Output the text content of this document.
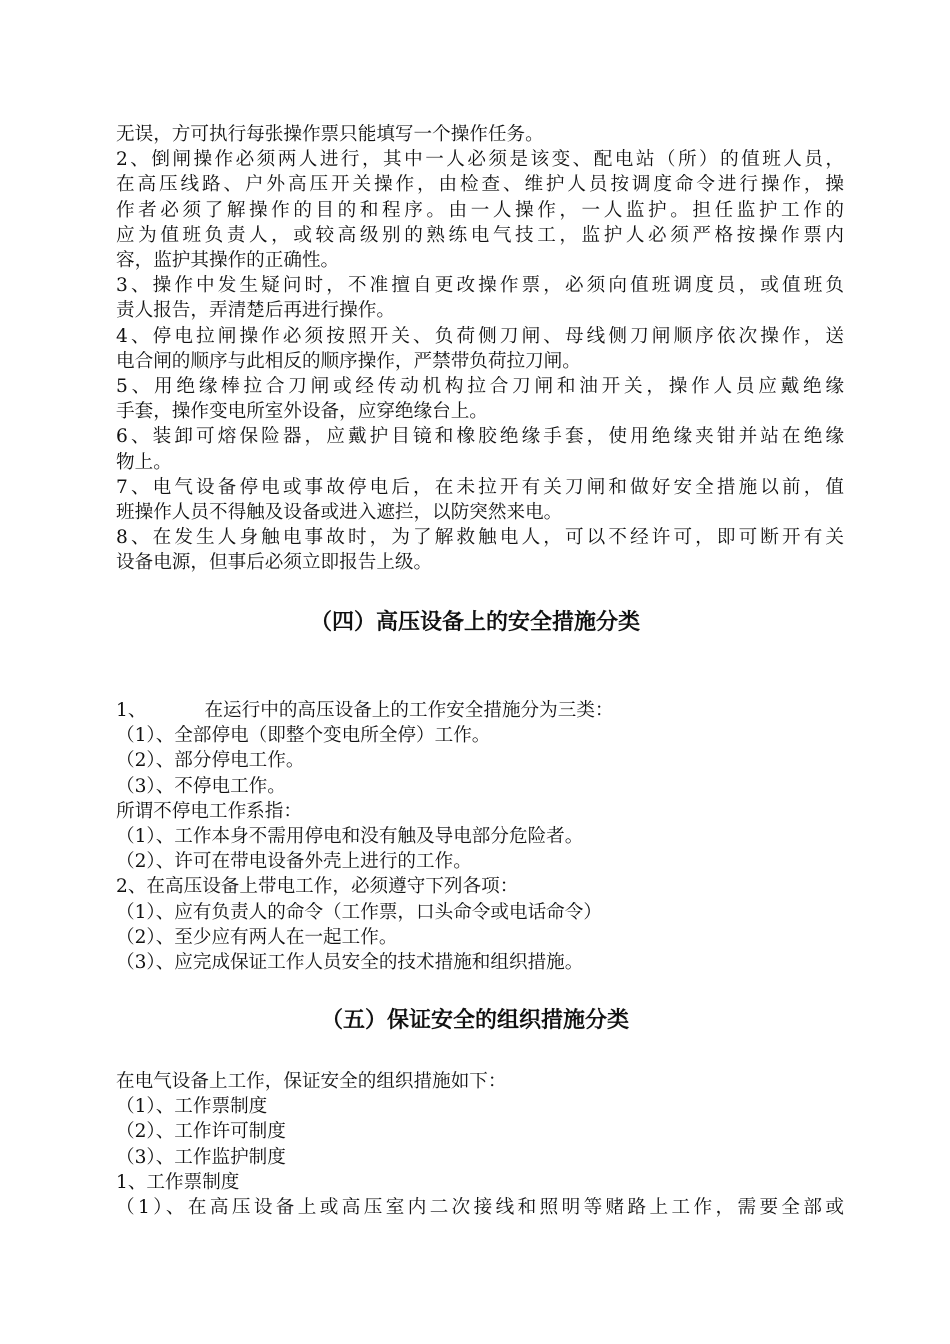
无误，方可执行每张操作票只能填写一个操作任务。

2、倒闸操作必须两人进行，其中一人必须是该变、配电站（所）的值班人员，

在高压线路、户外高压开关操作，由检查、维护人员按调度命令进行操作，操

作者必须了解操作的目的和程序。由一人操作，一人监护。担任监护工作的

应为值班负责人，或较高级别的熟练电气技工，监护人必须严格按操作票内

容，监护其操作的正确性。

3、操作中发生疑问时，不准擅自更改操作票，必须向值班调度员，或值班负

责人报告，弄清楚后再进行操作。

4、停电拉闸操作必须按照开关、负荷侧刀闸、母线侧刀闸顺序依次操作，送

电合闸的顺序与此相反的顺序操作，严禁带负荷拉刀闸。

5、用绝缘棒拉合刀闸或经传动机构拉合刀闸和油开关，操作人员应戴绝缘

手套，操作变电所室外设备，应穿绝缘台上。

6、装卸可熔保险器，应戴护目镜和橡胶绝缘手套，使用绝缘夹钳并站在绝缘

物上。

7、电气设备停电或事故停电后，在未拉开有关刀闸和做好安全措施以前，值

班操作人员不得触及设备或进入遮拦，以防突然来电。

8、在发生人身触电事故时，为了解救触电人，可以不经许可，即可断开有关

设备电源，但事后必须立即报告上级。

（四）高压设备上的安全措施分类

1、	在运行中的高压设备上的工作安全措施分为三类：

（1）、全部停电（即整个变电所全停）工作。

（2）、部分停电工作。

（3）、不停电工作。

所谓不停电工作系指：

（1）、工作本身不需用停电和没有触及导电部分危险者。

（2）、许可在带电设备外壳上进行的工作。

2、在高压设备上带电工作，必须遵守下列各项：

（1）、应有负责人的命令（工作票，口头命令或电话命令）

（2）、至少应有两人在一起工作。

（3）、应完成保证工作人员安全的技术措施和组织措施。

（五）保证安全的组织措施分类

在电气设备上工作，保证安全的组织措施如下：

（1）、工作票制度

（2）、工作许可制度

（3）、工作监护制度

1、工作票制度

（1）、在高压设备上或高压室内二次接线和照明等赌路上工作，需要全部或
